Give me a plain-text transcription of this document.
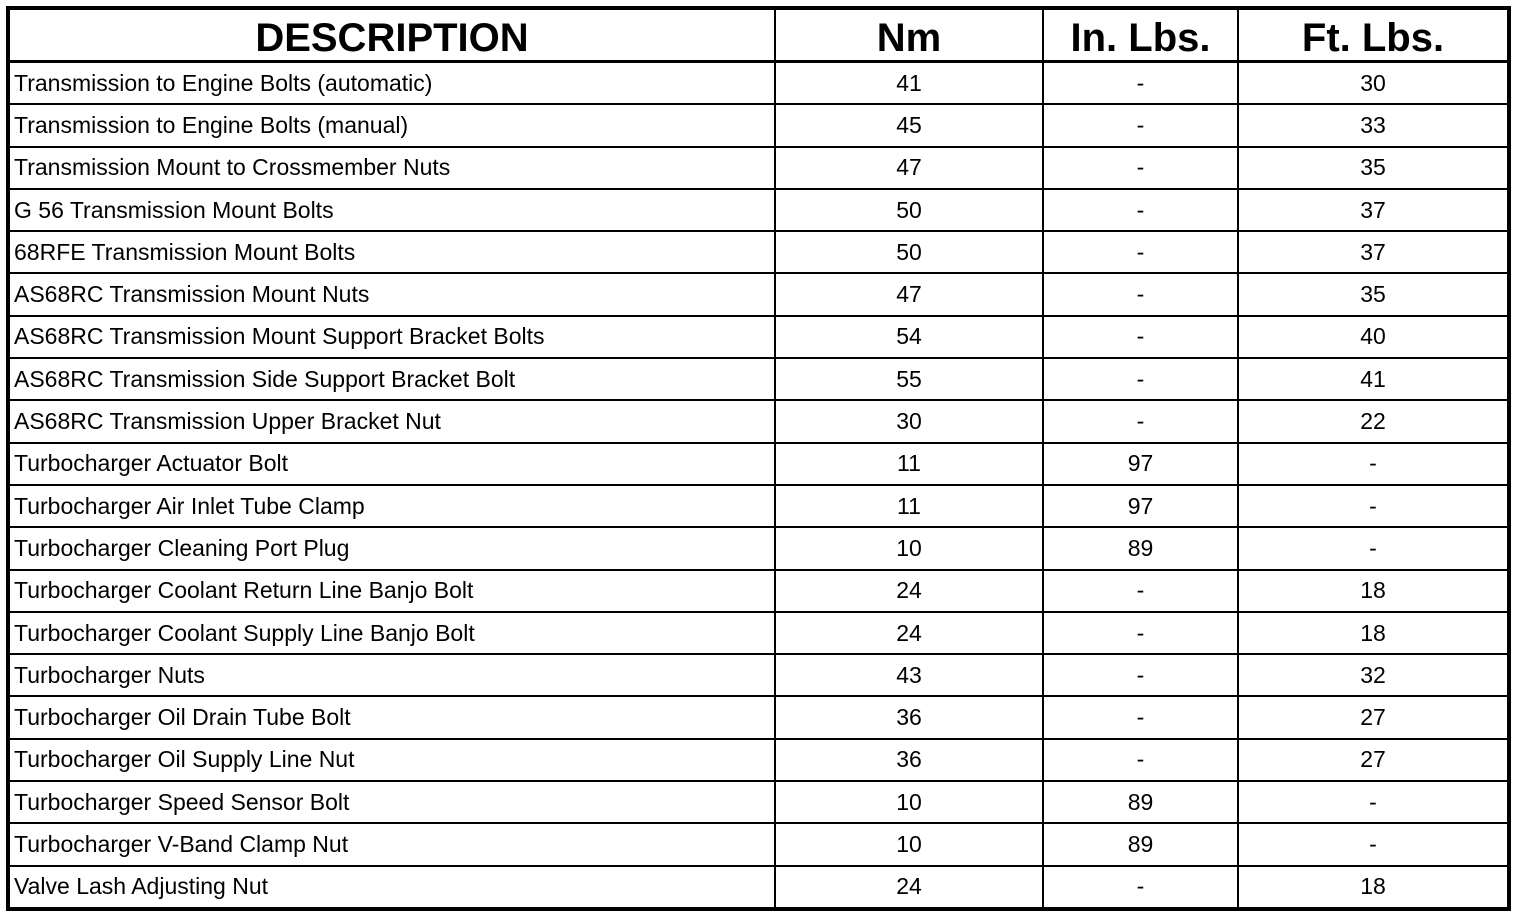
DESCRIPTION	Nm	In. Lbs.	Ft. Lbs.
Transmission to Engine Bolts (automatic)	41	-	30
Transmission to Engine Bolts (manual)	45	-	33
Transmission Mount to Crossmember Nuts	47	-	35
G 56 Transmission Mount Bolts	50	-	37
68RFE Transmission Mount Bolts	50	-	37
AS68RC Transmission Mount Nuts	47	-	35
AS68RC Transmission Mount Support Bracket Bolts	54	-	40
AS68RC Transmission Side Support Bracket Bolt	55	-	41
AS68RC Transmission Upper Bracket Nut	30	-	22
Turbocharger Actuator Bolt	11	97	-
Turbocharger Air Inlet Tube Clamp	11	97	-
Turbocharger Cleaning Port Plug	10	89	-
Turbocharger Coolant Return Line Banjo Bolt	24	-	18
Turbocharger Coolant Supply Line Banjo Bolt	24	-	18
Turbocharger Nuts	43	-	32
Turbocharger Oil Drain Tube Bolt	36	-	27
Turbocharger Oil Supply Line Nut	36	-	27
Turbocharger Speed Sensor Bolt	10	89	-
Turbocharger V-Band Clamp Nut	10	89	-
Valve Lash Adjusting Nut	24	-	18
